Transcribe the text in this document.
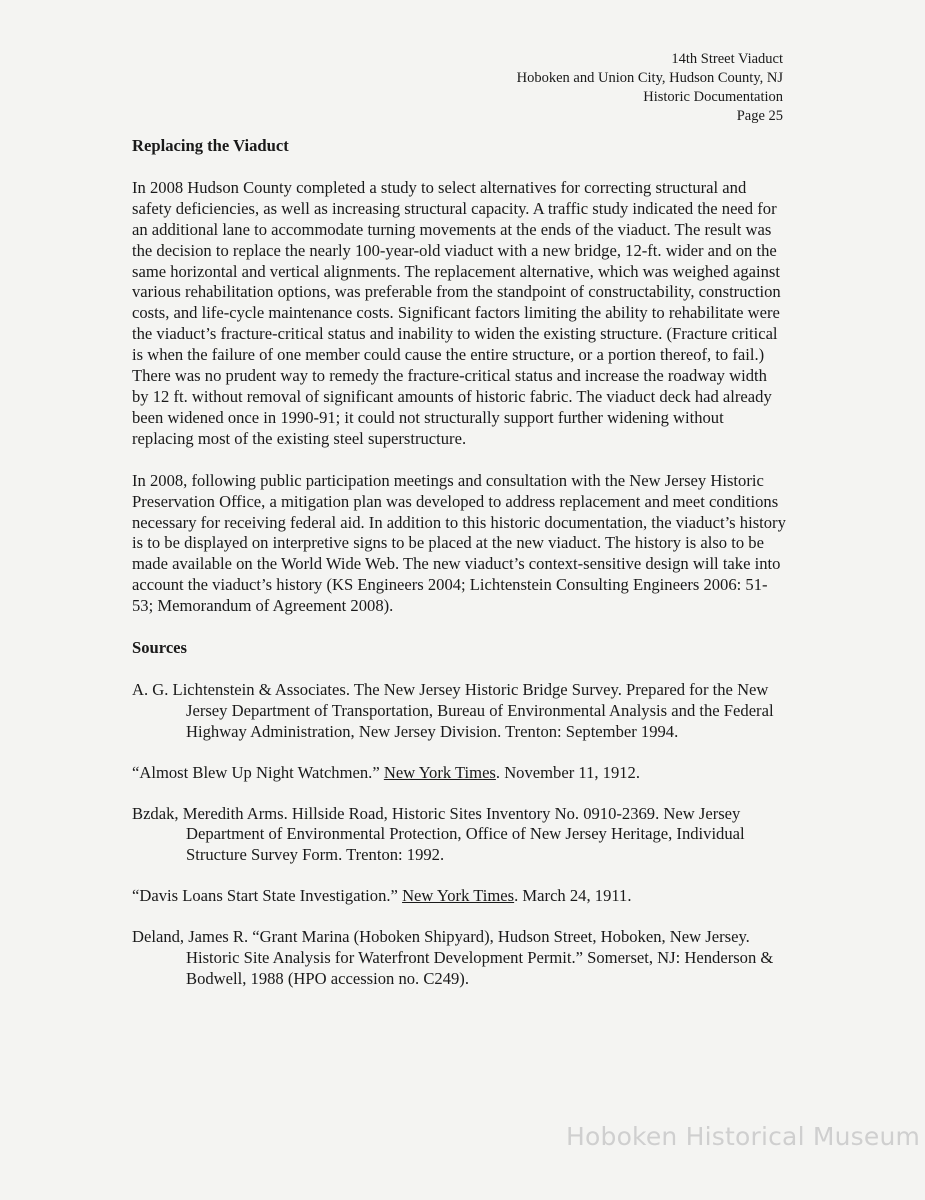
14th Street Viaduct
Hoboken and Union City, Hudson County, NJ
Historic Documentation
Page 25

Replacing the Viaduct

In 2008 Hudson County completed a study to select alternatives for correcting structural and safety deficiencies, as well as increasing structural capacity. A traffic study indicated the need for an additional lane to accommodate turning movements at the ends of the viaduct. The result was the decision to replace the nearly 100-year-old viaduct with a new bridge, 12-ft. wider and on the same horizontal and vertical alignments. The replacement alternative, which was weighed against various rehabilitation options, was preferable from the standpoint of constructability, construction costs, and life-cycle maintenance costs. Significant factors limiting the ability to rehabilitate were the viaduct’s fracture-critical status and inability to widen the existing structure. (Fracture critical is when the failure of one member could cause the entire structure, or a portion thereof, to fail.) There was no prudent way to remedy the fracture-critical status and increase the roadway width by 12 ft. without removal of significant amounts of historic fabric. The viaduct deck had already been widened once in 1990-91; it could not structurally support further widening without replacing most of the existing steel superstructure.

In 2008, following public participation meetings and consultation with the New Jersey Historic Preservation Office, a mitigation plan was developed to address replacement and meet conditions necessary for receiving federal aid. In addition to this historic documentation, the viaduct’s history is to be displayed on interpretive signs to be placed at the new viaduct. The history is also to be made available on the World Wide Web. The new viaduct’s context-sensitive design will take into account the viaduct’s history (KS Engineers 2004; Lichtenstein Consulting Engineers 2006: 51-53; Memorandum of Agreement 2008).

Sources

A. G. Lichtenstein & Associates. The New Jersey Historic Bridge Survey. Prepared for the New Jersey Department of Transportation, Bureau of Environmental Analysis and the Federal Highway Administration, New Jersey Division. Trenton: September 1994.

“Almost Blew Up Night Watchmen.” New York Times. November 11, 1912.

Bzdak, Meredith Arms. Hillside Road, Historic Sites Inventory No. 0910-2369. New Jersey Department of Environmental Protection, Office of New Jersey Heritage, Individual Structure Survey Form. Trenton: 1992.

“Davis Loans Start State Investigation.” New York Times. March 24, 1911.

Deland, James R. “Grant Marina (Hoboken Shipyard), Hudson Street, Hoboken, New Jersey. Historic Site Analysis for Waterfront Development Permit.” Somerset, NJ: Henderson & Bodwell, 1988 (HPO accession no. C249).

Hoboken Historical Museum
